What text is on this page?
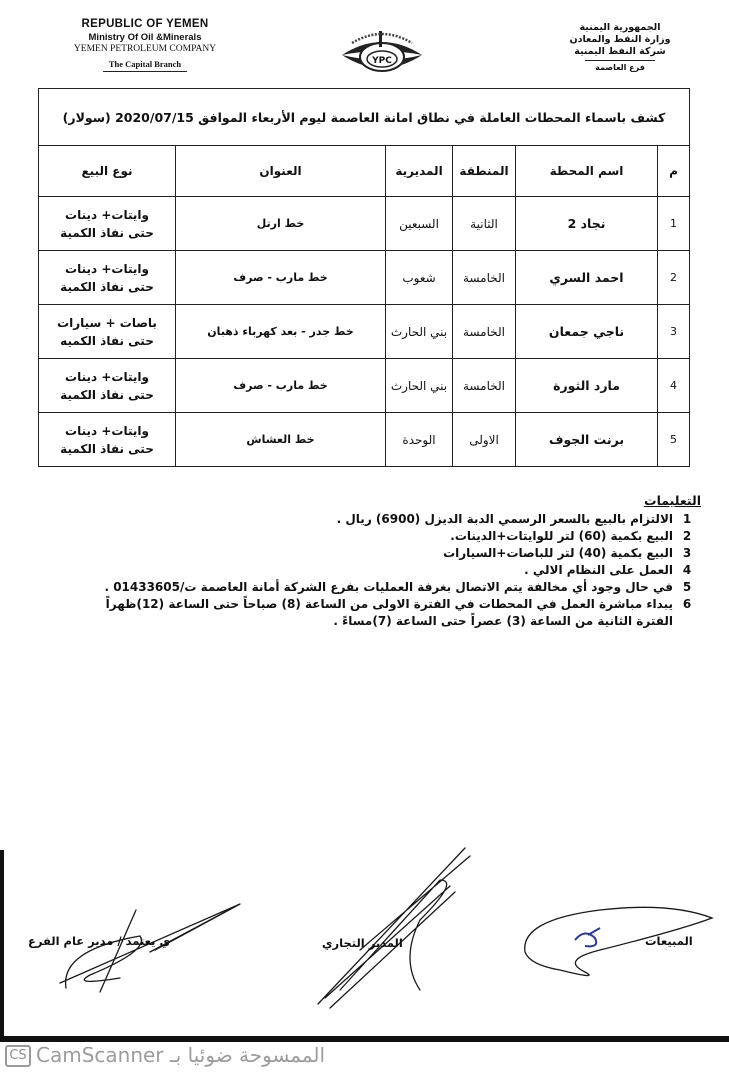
REPUBLIC OF YEMEN
Ministry Of Oil &Minerals
YEMEN PETROLEUM COMPANY
The Capital Branch	YPC
الجمهورية اليمنية
وزارة النفط والمعادن
شركة النفط اليمنية
فرع العاصمة
كشف باسماء المحطات العاملة في نطاق امانة العاصمة ليوم الأربعاء الموافق 2020/07/15 (سولار)
م
اسم المحطة
المنطقة
المديرية
العنوان
نوع البيع
1
نجاد 2
الثانية
السبعين
خط ارتل
وايتات+ دينات
حتى نفاذ الكمية
2
احمد السري
الخامسة
شعوب
خط مارب - صرف
وايتات+ دينات
حتى نفاذ الكمية
3
ناجي جمعان
الخامسة
بني الحارث
خط جدر - بعد كهرباء ذهبان
باصات + سيارات
حتى نفاذ الكميه
4
مارد الثورة
الخامسة
بني الحارث
خط مارب - صرف
وايتات+ دينات
حتى نفاذ الكمية
5
برنت الجوف
الاولى
الوحدة
خط العشاش
وايتات+ دينات
حتى نفاذ الكمية
التعليمات
1
الالتزام بالبيع بالسعر الرسمي الدبة الديزل (6900) ريال .
2
البيع بكمية (60) لتر للوايتات+الدينات.
3
البيع بكمية (40) لتر للباصات+السيارات
4
العمل على النظام الالي .
5
في حال وجود أي مخالفة يتم الاتصال بغرفة العمليات بفرع الشركة أمانة العاصمة ت/01433605 .
6
يبداء مباشرة العمل في المحطات في الفترة الاولى من الساعة (8) صباحاً حتى الساعة (12)ظهراً
الفترة الثانية من الساعة (3) عصراً حتى الساعة (7)مساءً .
المبيعات
المدير التجاري
ي يعتمد / مدير عام الفرع
CS CamScanner الممسوحة ضوئيا بـ
